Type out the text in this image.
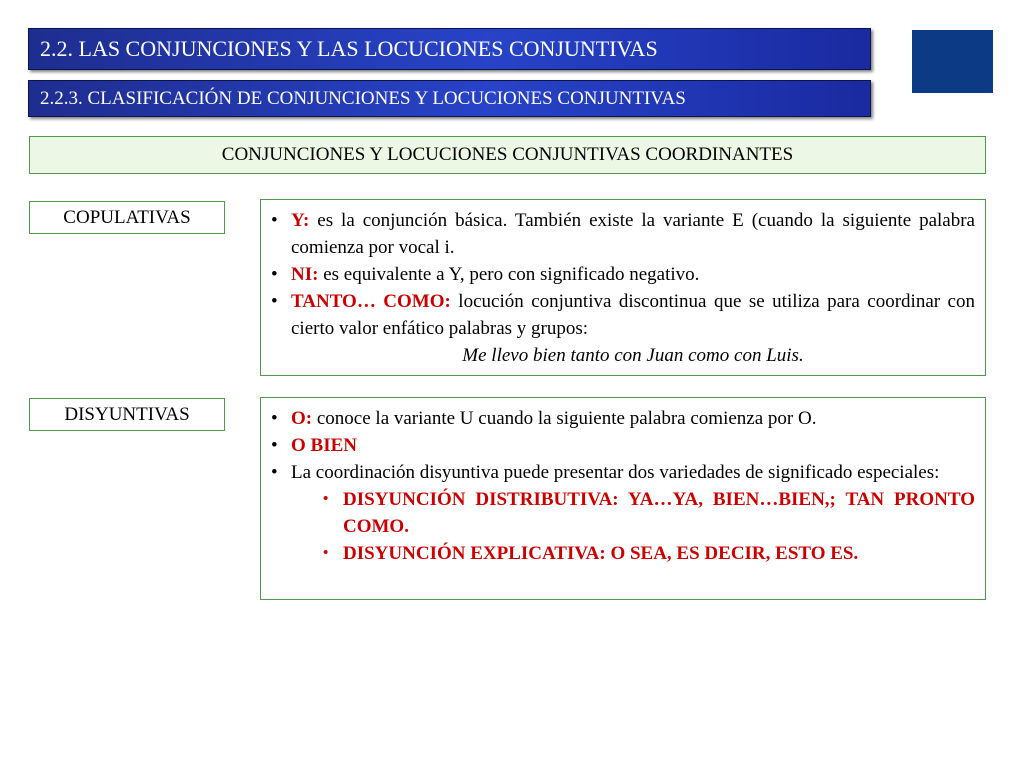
2.2. LAS CONJUNCIONES Y LAS LOCUCIONES CONJUNTIVAS
2.2.3. CLASIFICACIÓN DE CONJUNCIONES Y LOCUCIONES CONJUNTIVAS
CONJUNCIONES Y LOCUCIONES CONJUNTIVAS COORDINANTES
COPULATIVAS	• Y: es la conjunción básica. También existe la variante E (cuando la siguiente palabra comienza por vocal i.
• NI: es equivalente a Y, pero con significado negativo.
• TANTO… COMO: locución conjuntiva discontinua que se utiliza para coordinar con cierto valor enfático palabras y grupos:
Me llevo bien tanto con Juan como con Luis.
DISYUNTIVAS	• O: conoce la variante U cuando la siguiente palabra comienza por O.
• O BIEN
• La coordinación disyuntiva puede presentar dos variedades de significado especiales:
• DISYUNCIÓN DISTRIBUTIVA: YA…YA, BIEN…BIEN,; TAN PRONTO COMO.
• DISYUNCIÓN EXPLICATIVA: O SEA, ES DECIR, ESTO ES.
